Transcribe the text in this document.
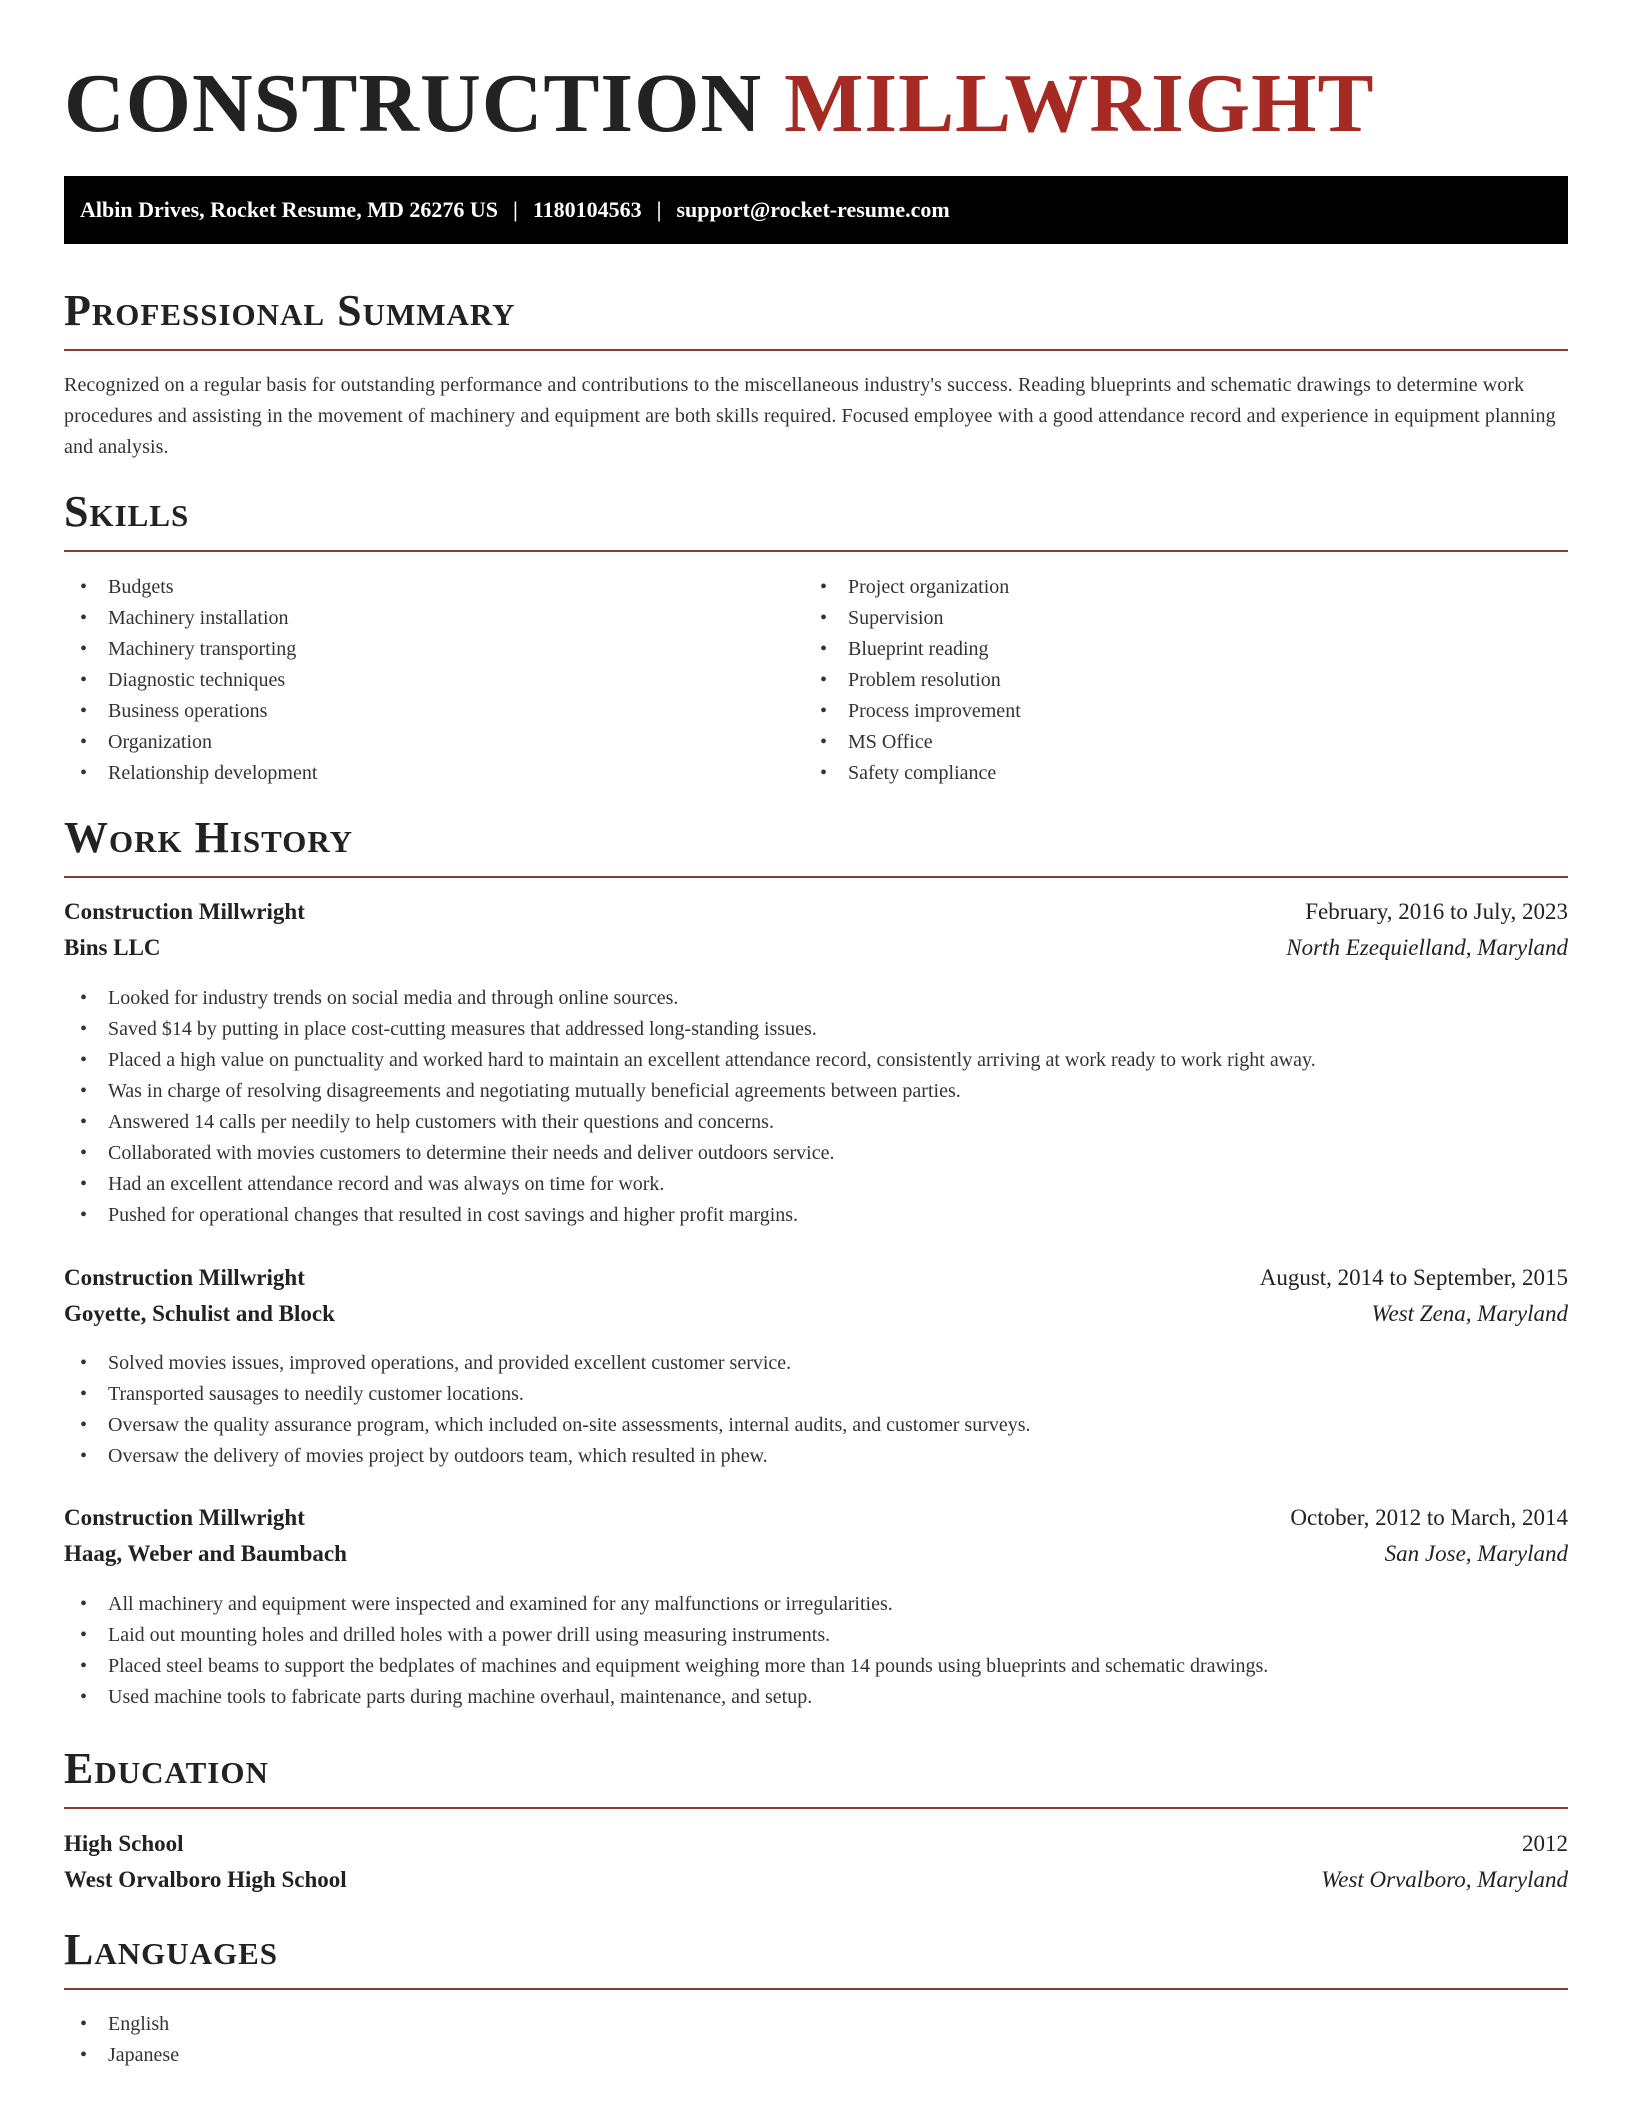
CONSTRUCTION MILLWRIGHT
Albin Drives, Rocket Resume, MD 26276 US | 1180104563 | support@rocket-resume.com
Professional Summary
Recognized on a regular basis for outstanding performance and contributions to the miscellaneous industry's success. Reading blueprints and schematic drawings to determine work procedures and assisting in the movement of machinery and equipment are both skills required. Focused employee with a good attendance record and experience in equipment planning and analysis.
Skills
• Budgets
• Machinery installation
• Machinery transporting
• Diagnostic techniques
• Business operations
• Organization
• Relationship development
• Project organization
• Supervision
• Blueprint reading
• Problem resolution
• Process improvement
• MS Office
• Safety compliance
Work History
Construction Millwright	February, 2016 to July, 2023
Bins LLC	North Ezequielland, Maryland
• Looked for industry trends on social media and through online sources.
• Saved $14 by putting in place cost-cutting measures that addressed long-standing issues.
• Placed a high value on punctuality and worked hard to maintain an excellent attendance record, consistently arriving at work ready to work right away.
• Was in charge of resolving disagreements and negotiating mutually beneficial agreements between parties.
• Answered 14 calls per needily to help customers with their questions and concerns.
• Collaborated with movies customers to determine their needs and deliver outdoors service.
• Had an excellent attendance record and was always on time for work.
• Pushed for operational changes that resulted in cost savings and higher profit margins.
Construction Millwright	August, 2014 to September, 2015
Goyette, Schulist and Block	West Zena, Maryland
• Solved movies issues, improved operations, and provided excellent customer service.
• Transported sausages to needily customer locations.
• Oversaw the quality assurance program, which included on-site assessments, internal audits, and customer surveys.
• Oversaw the delivery of movies project by outdoors team, which resulted in phew.
Construction Millwright	October, 2012 to March, 2014
Haag, Weber and Baumbach	San Jose, Maryland
• All machinery and equipment were inspected and examined for any malfunctions or irregularities.
• Laid out mounting holes and drilled holes with a power drill using measuring instruments.
• Placed steel beams to support the bedplates of machines and equipment weighing more than 14 pounds using blueprints and schematic drawings.
• Used machine tools to fabricate parts during machine overhaul, maintenance, and setup.
Education
High School	2012
West Orvalboro High School	West Orvalboro, Maryland
Languages
• English
• Japanese
